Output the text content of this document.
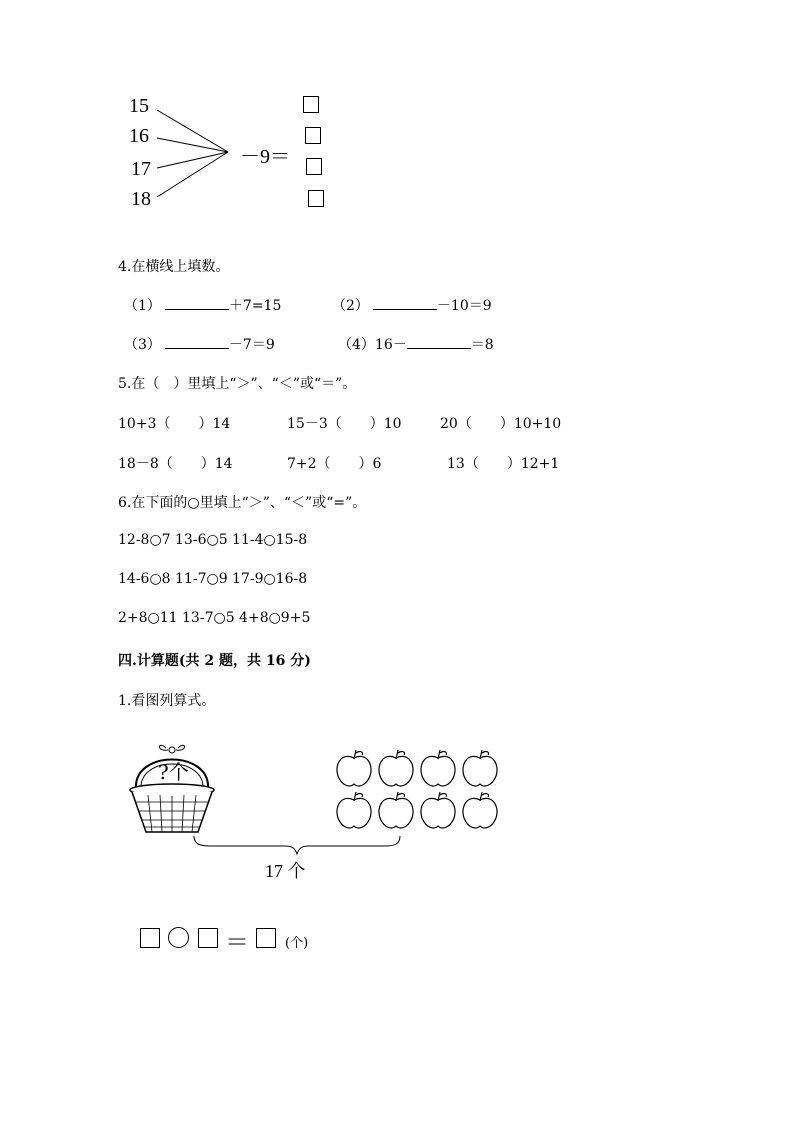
15
16
17
18
－9＝
4.在横线上填数。
（1）	＋7=15	（2）	－10＝9
（3）	－7＝9	（4）16－	＝8
5.在（　）里填上“＞”、“＜”或“＝”。
10+3（　　）14	15－3（　　）10	20（　　）10+10
18－8（　　）14	7+2（　　）6	13（　　）12+1
6.在下面的○里填上“＞”、“＜”或“=”。
12-8○7 13-6○5 11-4○15-8
14-6○8 11-7○9 17-9○16-8
2+8○11 13-7○5 4+8○9+5
四.计算题(共 2 题，共 16 分)
1.看图列算式。
?个
17 个
＝	(个)
